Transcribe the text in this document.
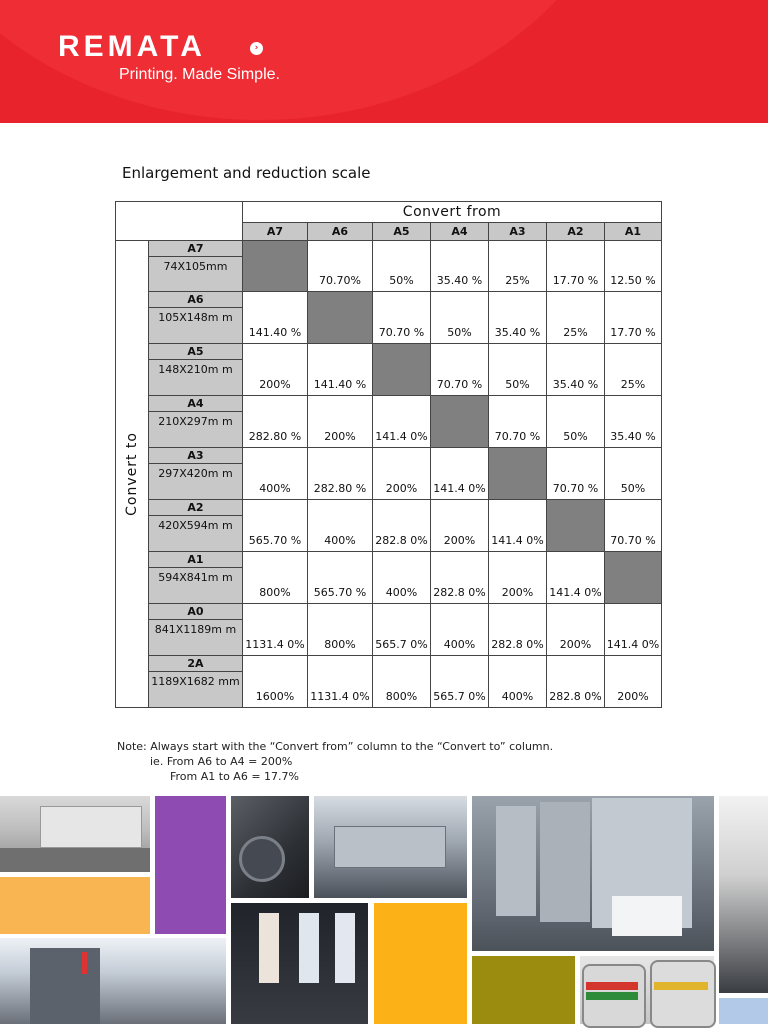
REMATA	›
Printing. Made Simple.
Enlargement and reduction scale
		Convert from						
		A7	A6	A5	A4	A3	A2	A1

Convert to	A7
74X105mm		70.70%	50%	35.40 %	25%	17.70 %	12.50 %

	A6
105X148m m	141.40 %		70.70 %	50%	35.40 %	25%	17.70 %

	A5
148X210m m	200%	141.40 %		70.70 %	50%	35.40 %	25%

	A4
210X297m m	282.80 %	200%	141.4 0%		70.70 %	50%	35.40 %

	A3
297X420m m	400%	282.80 %	200%	141.4 0%		70.70 %	50%

	A2
420X594m m	565.70 %	400%	282.8 0%	200%	141.4 0%		70.70 %

	A1
594X841m m	800%	565.70 %	400%	282.8 0%	200%	141.4 0%	

	A0
841X1189m m	1131.4 0%	800%	565.7 0%	400%	282.8 0%	200%	141.4 0%

	2A
1189X1682 mm	1600%	1131.4 0%	800%	565.7 0%	400%	282.8 0%	200%
Note: Always start with the “Convert from” column to the “Convert to” column.
ie. From A6 to A4 = 200%
From A1 to A6 = 17.7%
